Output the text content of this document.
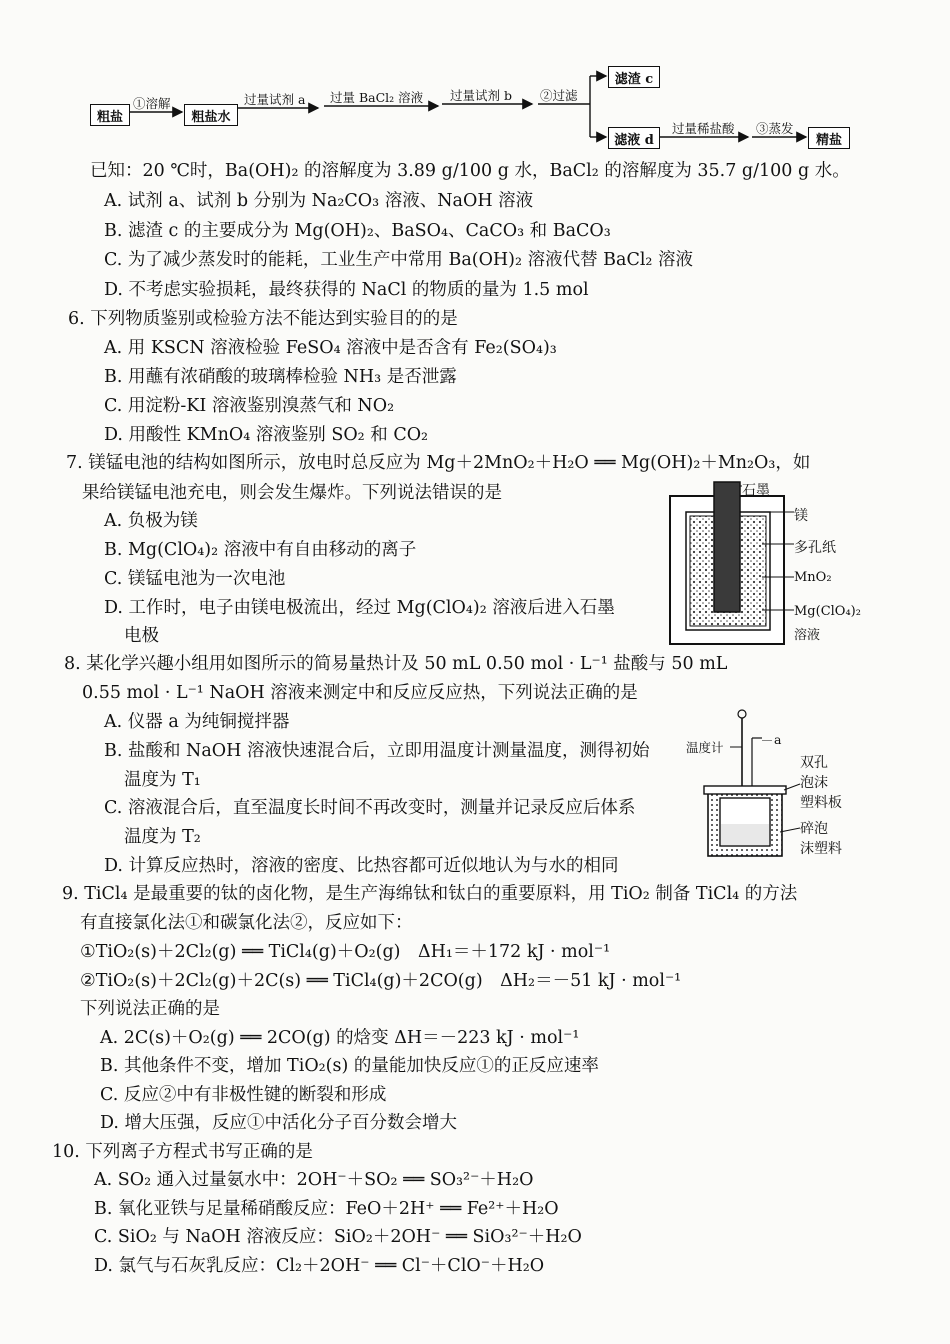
粗盐	粗盐水
滤渣 c
滤液 d	精盐
①溶解	过量试剂 a 过量 BaCl₂ 溶液 过量试剂 b ②过滤
过量稀盐酸 ③蒸发
已知：20 ℃时，Ba(OH)₂ 的溶解度为 3.89 g/100 g 水，BaCl₂ 的溶解度为 35.7 g/100 g 水。
A. 试剂 a、试剂 b 分别为 Na₂CO₃ 溶液、NaOH 溶液
B. 滤渣 c 的主要成分为 Mg(OH)₂、BaSO₄、CaCO₃ 和 BaCO₃
C. 为了减少蒸发时的能耗，工业生产中常用 Ba(OH)₂ 溶液代替 BaCl₂ 溶液
D. 不考虑实验损耗，最终获得的 NaCl 的物质的量为 1.5 mol
6. 下列物质鉴别或检验方法不能达到实验目的的是
A. 用 KSCN 溶液检验 FeSO₄ 溶液中是否含有 Fe₂(SO₄)₃
B. 用蘸有浓硝酸的玻璃棒检验 NH₃ 是否泄露
C. 用淀粉-KI 溶液鉴别溴蒸气和 NO₂
D. 用酸性 KMnO₄ 溶液鉴别 SO₂ 和 CO₂
7. 镁锰电池的结构如图所示，放电时总反应为 Mg＋2MnO₂＋H₂O ══ Mg(OH)₂＋Mn₂O₃，如
果给镁锰电池充电，则会发生爆炸。下列说法错误的是
A. 负极为镁
B. Mg(ClO₄)₂ 溶液中有自由移动的离子
C. 镁锰电池为一次电池
D. 工作时，电子由镁电极流出，经过 Mg(ClO₄)₂ 溶液后进入石墨
电极
8. 某化学兴趣小组用如图所示的简易量热计及 50 mL 0.50 mol · L⁻¹ 盐酸与 50 mL
0.55 mol · L⁻¹ NaOH 溶液来测定中和反应反应热，下列说法正确的是
A. 仪器 a 为纯铜搅拌器
B. 盐酸和 NaOH 溶液快速混合后，立即用温度计测量温度，测得初始
温度为 T₁
C. 溶液混合后，直至温度长时间不再改变时，测量并记录反应后体系
温度为 T₂
D. 计算反应热时，溶液的密度、比热容都可近似地认为与水的相同
9. TiCl₄ 是最重要的钛的卤化物，是生产海绵钛和钛白的重要原料，用 TiO₂ 制备 TiCl₄ 的方法
有直接氯化法①和碳氯化法②，反应如下：
①TiO₂(s)＋2Cl₂(g) ══ TiCl₄(g)＋O₂(g)　ΔH₁＝＋172 kJ · mol⁻¹
②TiO₂(s)＋2Cl₂(g)＋2C(s) ══ TiCl₄(g)＋2CO(g)　ΔH₂＝－51 kJ · mol⁻¹
下列说法正确的是
A. 2C(s)＋O₂(g) ══ 2CO(g) 的焓变 ΔH＝－223 kJ · mol⁻¹
B. 其他条件不变，增加 TiO₂(s) 的量能加快反应①的正反应速率
C. 反应②中有非极性键的断裂和形成
D. 增大压强，反应①中活化分子百分数会增大
10. 下列离子方程式书写正确的是
A. SO₂ 通入过量氨水中：2OH⁻＋SO₂ ══ SO₃²⁻＋H₂O
B. 氧化亚铁与足量稀硝酸反应：FeO＋2H⁺ ══ Fe²⁺＋H₂O
C. SiO₂ 与 NaOH 溶液反应：SiO₂＋2OH⁻ ══ SiO₃²⁻＋H₂O
D. 氯气与石灰乳反应：Cl₂＋2OH⁻ ══ Cl⁻＋ClO⁻＋H₂O
石墨
镁
多孔纸
MnO₂
Mg(ClO₄)₂
溶液
温度计
a
双孔
泡沫
塑料板
碎泡
沫塑料
